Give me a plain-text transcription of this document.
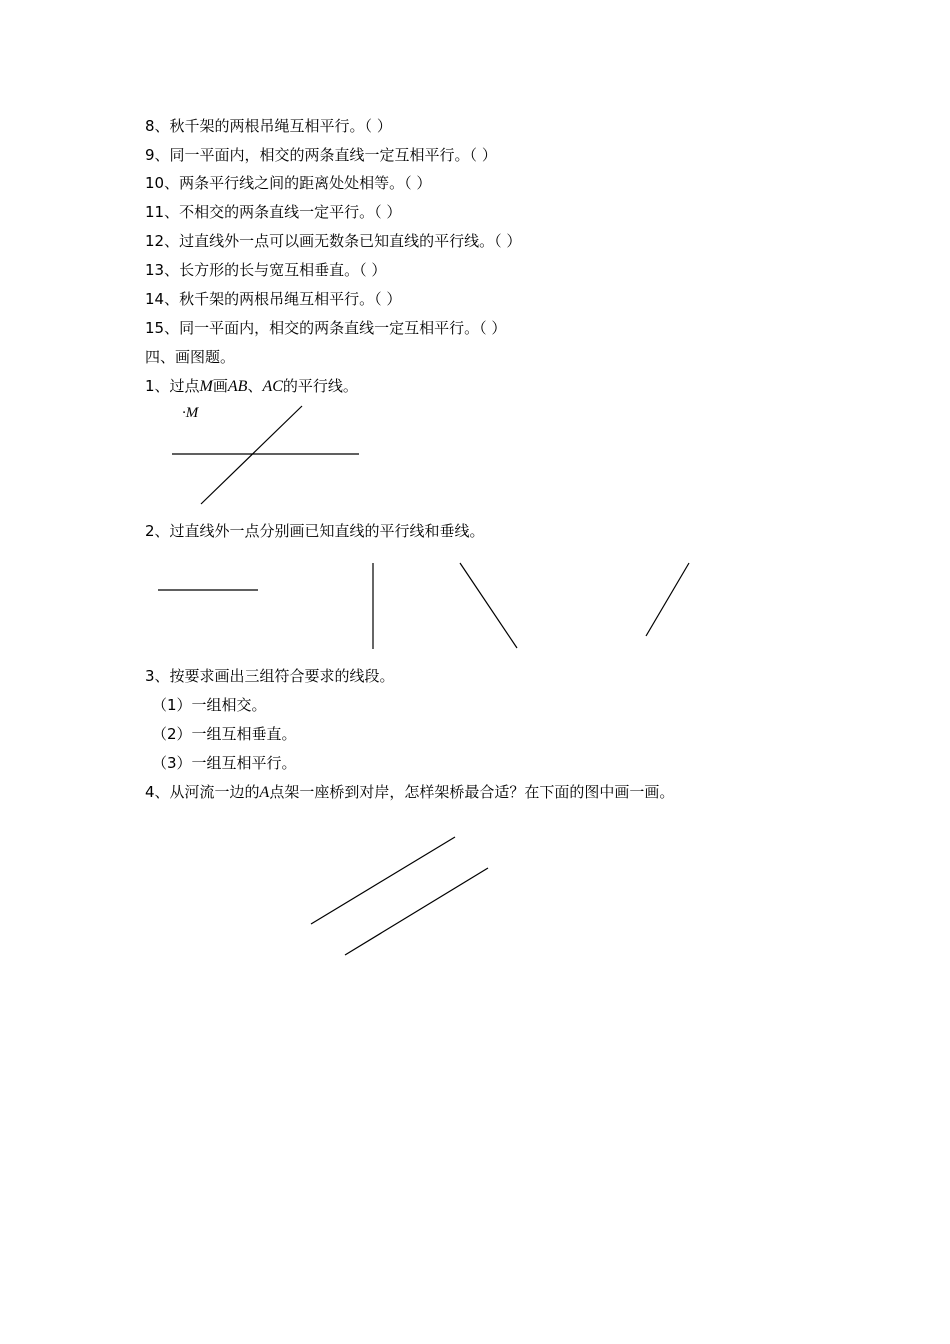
8、秋千架的两根吊绳互相平行。（ ）
9、同一平面内，相交的两条直线一定互相平行。（ ）
10、两条平行线之间的距离处处相等。（ ）
11、不相交的两条直线一定平行。（ ）
12、过直线外一点可以画无数条已知直线的平行线。（ ）
13、长方形的长与宽互相垂直。（ ）
14、秋千架的两根吊绳互相平行。（ ）
15、同一平面内，相交的两条直线一定互相平行。（ ）
四、画图题。
1、过点M画AB、AC的平行线。
·M
2、过直线外一点分别画已知直线的平行线和垂线。
3、按要求画出三组符合要求的线段。
（1）一组相交。
（2）一组互相垂直。
（3）一组互相平行。
4、从河流一边的A点架一座桥到对岸，怎样架桥最合适？在下面的图中画一画。
